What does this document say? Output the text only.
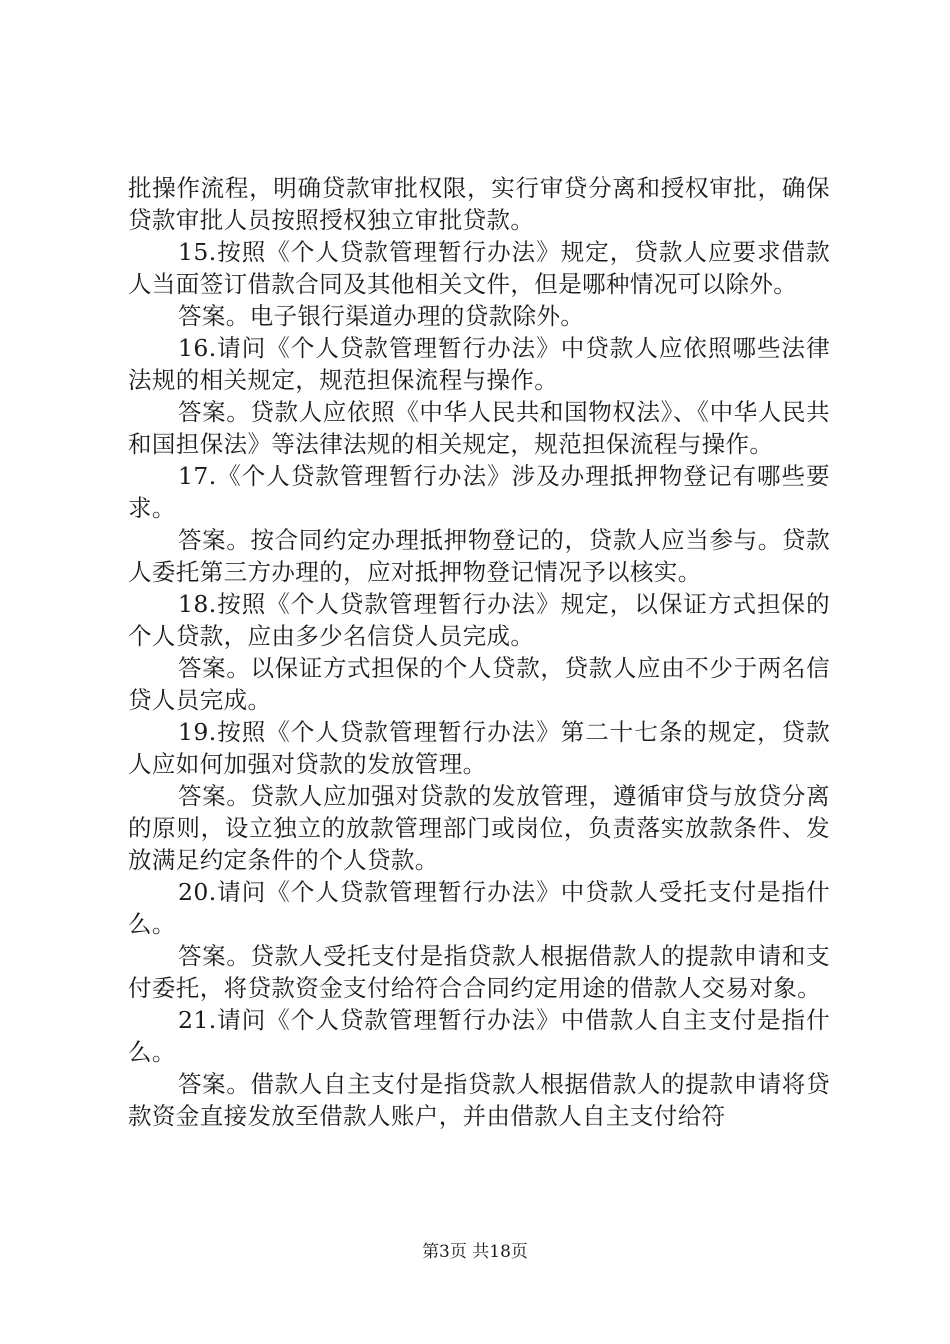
批操作流程，明确贷款审批权限，实行审贷分离和授权审批，确保贷款审批人员按照授权独立审批贷款。

15.按照《个人贷款管理暂行办法》规定，贷款人应要求借款人当面签订借款合同及其他相关文件，但是哪种情况可以除外。

答案。电子银行渠道办理的贷款除外。

16.请问《个人贷款管理暂行办法》中贷款人应依照哪些法律法规的相关规定，规范担保流程与操作。

答案。贷款人应依照《中华人民共和国物权法》、《中华人民共和国担保法》等法律法规的相关规定，规范担保流程与操作。

17.《个人贷款管理暂行办法》涉及办理抵押物登记有哪些要求。

答案。按合同约定办理抵押物登记的，贷款人应当参与。贷款人委托第三方办理的，应对抵押物登记情况予以核实。

18.按照《个人贷款管理暂行办法》规定，以保证方式担保的个人贷款，应由多少名信贷人员完成。

答案。以保证方式担保的个人贷款，贷款人应由不少于两名信贷人员完成。

19.按照《个人贷款管理暂行办法》第二十七条的规定，贷款人应如何加强对贷款的发放管理。

答案。贷款人应加强对贷款的发放管理，遵循审贷与放贷分离的原则，设立独立的放款管理部门或岗位，负责落实放款条件、发放满足约定条件的个人贷款。

20.请问《个人贷款管理暂行办法》中贷款人受托支付是指什么。

答案。贷款人受托支付是指贷款人根据借款人的提款申请和支付委托，将贷款资金支付给符合合同约定用途的借款人交易对象。

21.请问《个人贷款管理暂行办法》中借款人自主支付是指什么。

答案。借款人自主支付是指贷款人根据借款人的提款申请将贷款资金直接发放至借款人账户，并由借款人自主支付给符

第3页 共18页
